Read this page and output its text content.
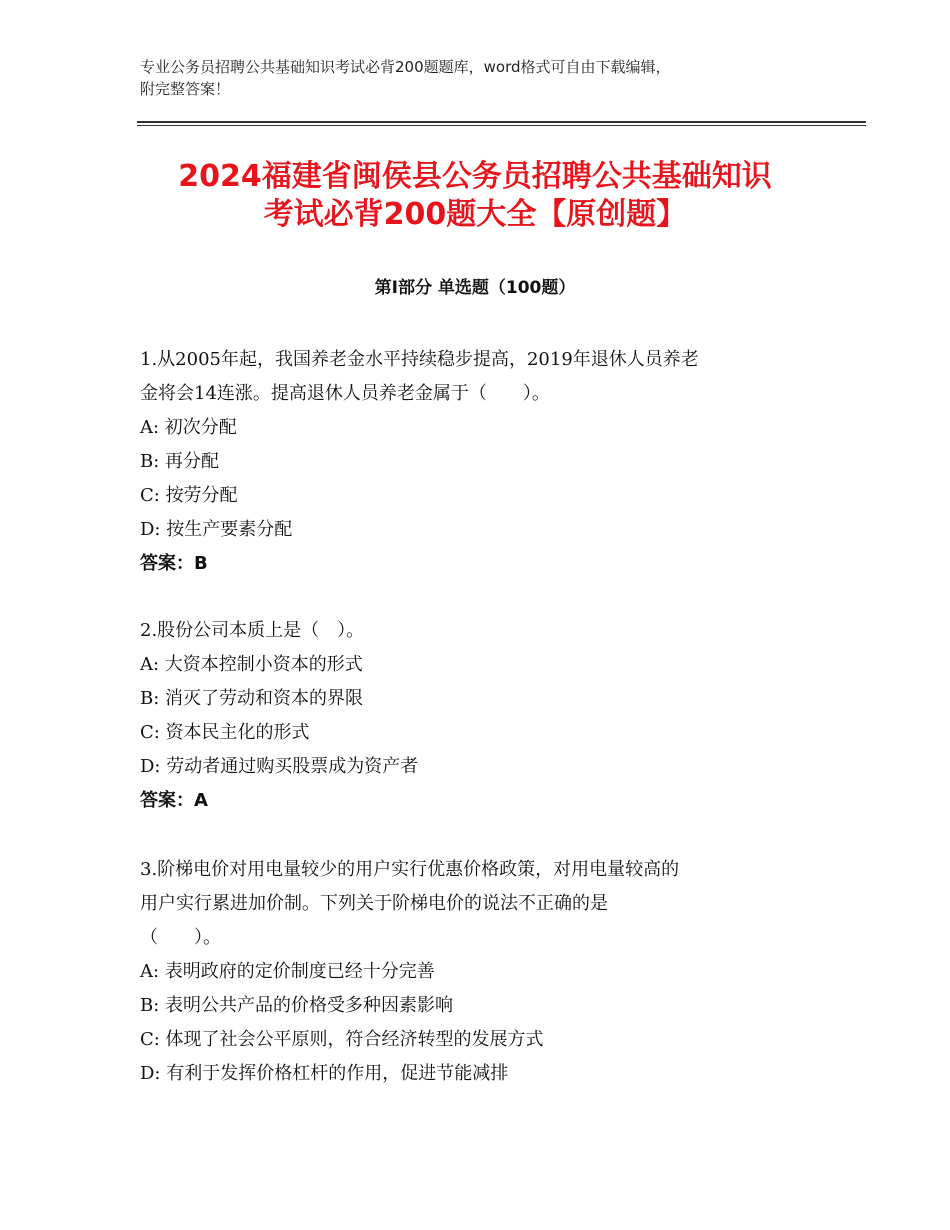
专业公务员招聘公共基础知识考试必背200题题库，word格式可自由下载编辑，
附完整答案！
2024福建省闽侯县公务员招聘公共基础知识
考试必背200题大全【原创题】
第Ⅰ部分 单选题（100题）
1.从2005年起，我国养老金水平持续稳步提高，2019年退休人员养老
金将会14连涨。提高退休人员养老金属于（　　）。
A: 初次分配
B: 再分配
C: 按劳分配
D: 按生产要素分配
答案：B
2.股份公司本质上是（　）。
A: 大资本控制小资本的形式
B: 消灭了劳动和资本的界限
C: 资本民主化的形式
D: 劳动者通过购买股票成为资产者
答案：A
3.阶梯电价对用电量较少的用户实行优惠价格政策，对用电量较高的
用户实行累进加价制。下列关于阶梯电价的说法不正确的是
（　　）。
A: 表明政府的定价制度已经十分完善
B: 表明公共产品的价格受多种因素影响
C: 体现了社会公平原则，符合经济转型的发展方式
D: 有利于发挥价格杠杆的作用，促进节能减排
